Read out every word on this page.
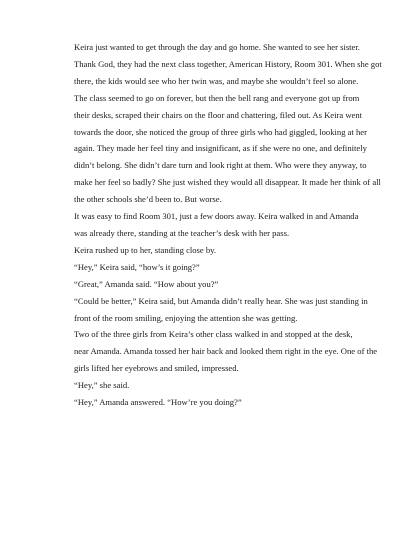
Keira just wanted to get through the day and go home. She wanted to see her sister.
Thank God, they had the next class together, American History, Room 301. When she got
there, the kids would see who her twin was, and maybe she wouldn’t feel so alone.

The class seemed to go on forever, but then the bell rang and everyone got up from
their desks, scraped their chairs on the floor and chattering, filed out. As Keira went
towards the door, she noticed the group of three girls who had giggled, looking at her
again. They made her feel tiny and insignificant, as if she were no one, and definitely
didn’t belong. She didn’t dare turn and look right at them. Who were they anyway, to
make her feel so badly? She just wished they would all disappear. It made her think of all
the other schools she’d been to. But worse.

It was easy to find Room 301, just a few doors away. Keira walked in and Amanda
was already there, standing at the teacher’s desk with her pass.

Keira rushed up to her, standing close by.

“Hey,” Keira said, “how’s it going?”

“Great,” Amanda said. “How about you?”

“Could be better,” Keira said, but Amanda didn’t really hear. She was just standing in
front of the room smiling, enjoying the attention she was getting.

Two of the three girls from Keira’s other class walked in and stopped at the desk,
near Amanda. Amanda tossed her hair back and looked them right in the eye. One of the
girls lifted her eyebrows and smiled, impressed.

“Hey,” she said.

“Hey,” Amanda answered. “How’re you doing?”
